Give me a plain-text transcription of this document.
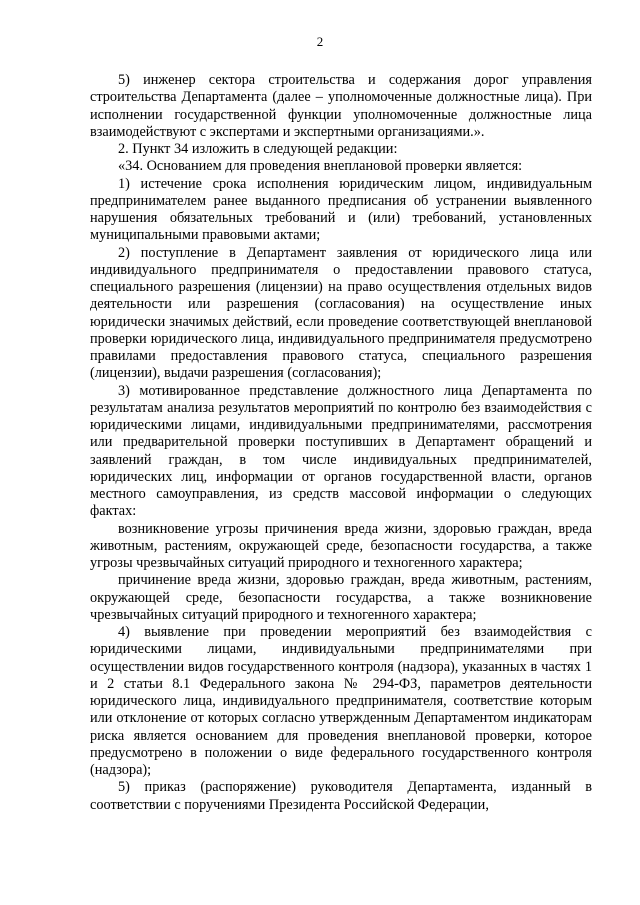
2

5) инженер сектора строительства и содержания дорог управления строительства Департамента (далее – уполномоченные должностные лица). При исполнении государственной функции уполномоченные должностные лица взаимодействуют с экспертами и экспертными организациями.».

2. Пункт 34 изложить в следующей редакции:

«34. Основанием для проведения внеплановой проверки является:

1) истечение срока исполнения юридическим лицом, индивидуальным предпринимателем ранее выданного предписания об устранении выявленного нарушения обязательных требований и (или) требований, установленных муниципальными правовыми актами;

2) поступление в Департамент заявления от юридического лица или индивидуального предпринимателя о предоставлении правового статуса, специального разрешения (лицензии) на право осуществления отдельных видов деятельности или разрешения (согласования) на осуществление иных юридически значимых действий, если проведение соответствующей внеплановой проверки юридического лица, индивидуального предпринимателя предусмотрено правилами предоставления правового статуса, специального разрешения (лицензии), выдачи разрешения (согласования);

3) мотивированное представление должностного лица Департамента по результатам анализа результатов мероприятий по контролю без взаимодействия с юридическими лицами, индивидуальными предпринимателями, рассмотрения или предварительной проверки поступивших в Департамент обращений и заявлений граждан, в том числе индивидуальных предпринимателей, юридических лиц, информации от органов государственной власти, органов местного самоуправления, из средств массовой информации о следующих фактах:

возникновение угрозы причинения вреда жизни, здоровью граждан, вреда животным, растениям, окружающей среде, безопасности государства, а также угрозы чрезвычайных ситуаций природного и техногенного характера;

причинение вреда жизни, здоровью граждан, вреда животным, растениям, окружающей среде, безопасности государства, а также возникновение чрезвычайных ситуаций природного и техногенного характера;

4) выявление при проведении мероприятий без взаимодействия с юридическими лицами, индивидуальными предпринимателями при осуществлении видов государственного контроля (надзора), указанных в частях 1 и 2 статьи 8.1 Федерального закона № 294-ФЗ, параметров деятельности юридического лица, индивидуального предпринимателя, соответствие которым или отклонение от которых согласно утвержденным Департаментом индикаторам риска является основанием для проведения внеплановой проверки, которое предусмотрено в положении о виде федерального государственного контроля (надзора);

5) приказ (распоряжение) руководителя Департамента, изданный в соответствии с поручениями Президента Российской Федерации,
